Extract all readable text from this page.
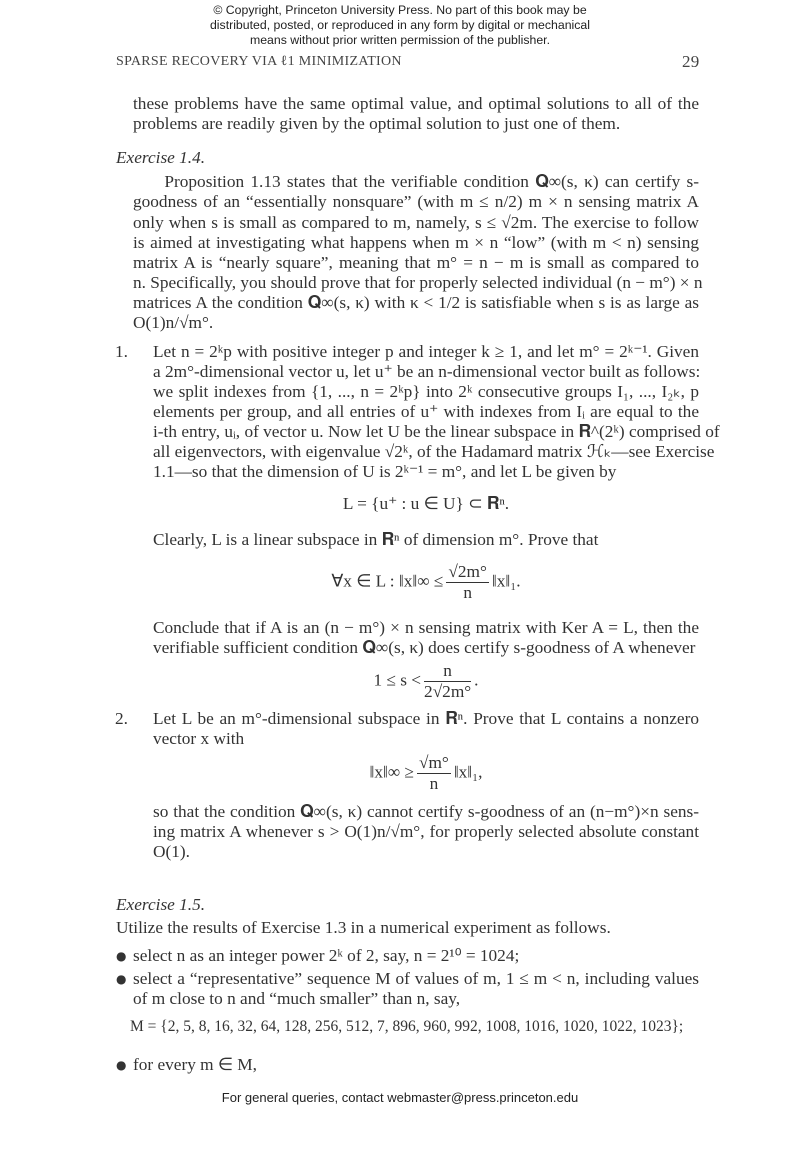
© Copyright, Princeton University Press. No part of this book may be
distributed, posted, or reproduced in any form by digital or mechanical
means without prior written permission of the publisher.
SPARSE RECOVERY VIA ℓ1 MINIMIZATION	29
these problems have the same optimal value, and optimal solutions to all of the
problems are readily given by the optimal solution to just one of them.
Exercise 1.4.
Proposition 1.13 states that the verifiable condition 𝐐∞(s, κ) can certify s-
goodness of an “essentially nonsquare” (with m ≤ n/2) m × n sensing matrix A
only when s is small as compared to m, namely, s ≤ √2m. The exercise to follow
is aimed at investigating what happens when m × n “low” (with m < n) sensing
matrix A is “nearly square”, meaning that m° = n − m is small as compared to
n. Specifically, you should prove that for properly selected individual (n − m°) × n
matrices A the condition 𝐐∞(s, κ) with κ < 1/2 is satisfiable when s is as large as
O(1)n/√m°.
1. Let n = 2ᵏp with positive integer p and integer k ≥ 1, and let m° = 2ᵏ⁻¹. Given
a 2m°-dimensional vector u, let u⁺ be an n-dimensional vector built as follows:
we split indexes from {1, ..., n = 2ᵏp} into 2ᵏ consecutive groups I₁, ..., I₂ₖ, p
elements per group, and all entries of u⁺ with indexes from Iᵢ are equal to the
i-th entry, uᵢ, of vector u. Now let U be the linear subspace in 𝐑^(2ᵏ) comprised of
all eigenvectors, with eigenvalue √2ᵏ, of the Hadamard matrix ℋₖ—see Exercise
1.1—so that the dimension of U is 2ᵏ⁻¹ = m°, and let L be given by
L = {u⁺ : u ∈ U} ⊂ 𝐑ⁿ.
Clearly, L is a linear subspace in 𝐑ⁿ of dimension m°. Prove that
∀x ∈ L : ‖x‖∞ ≤ $\frac{√2m^\circ}{n}$ ‖x‖₁.
Conclude that if A is an (n − m°) × n sensing matrix with Ker A = L, then the
verifiable sufficient condition 𝐐∞(s, κ) does certify s-goodness of A whenever
$1 \le s < \frac{n}{2√2m^\circ}$ .
2. Let L be an m°-dimensional subspace in 𝐑ⁿ. Prove that L contains a nonzero
vector x with
‖x‖∞ ≥ $\frac{√m^\circ}{n}$ ‖x‖₁,
so that the condition 𝐐∞(s, κ) cannot certify s-goodness of an (n−m°)×n sens-
ing matrix A whenever s > O(1)n/√m°, for properly selected absolute constant
O(1).
Exercise 1.5.
Utilize the results of Exercise 1.3 in a numerical experiment as follows.
● select n as an integer power 2ᵏ of 2, say, n = 2¹⁰ = 1024;
● select a “representative” sequence M of values of m, 1 ≤ m < n, including values
of m close to n and “much smaller” than n, say,
M = {2, 5, 8, 16, 32, 64, 128, 256, 512, 7, 896, 960, 992, 1008, 1016, 1020, 1022, 1023};
● for every m ∈ M,
For general queries, contact webmaster@press.princeton.edu
